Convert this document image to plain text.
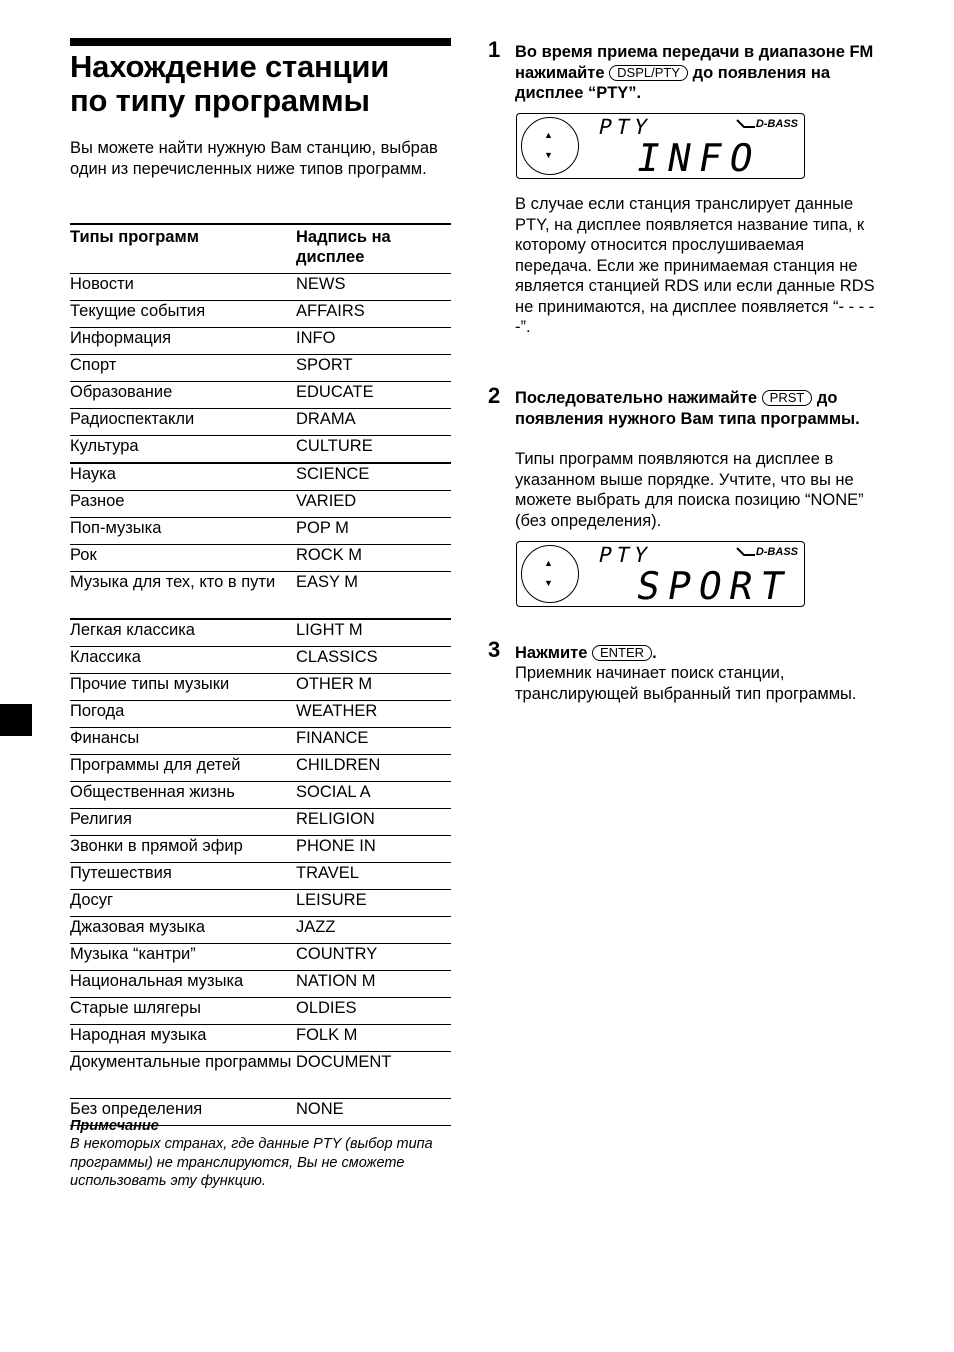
Нахождение станции
по типу программы
Вы можете найти нужную Вам станцию, выбрав один из перечисленных ниже типов программ.
Типы программ	Надпись на дисплее
Новости	NEWS
Текущие события	AFFAIRS
Информация	INFO
Спорт	SPORT
Образование	EDUCATE
Радиоспектакли	DRAMA
Культура	CULTURE
Наука	SCIENCE
Разное	VARIED
Поп-музыка	POP M
Рок	ROCK M
Музыка для тех, кто в пути	EASY M
Легкая классика	LIGHT M
Классика	CLASSICS
Прочие типы музыки	OTHER M
Погода	WEATHER
Финансы	FINANCE
Программы для детей	CHILDREN
Общественная жизнь	SOCIAL A
Религия	RELIGION
Звонки в прямой эфир	PHONE IN
Путешествия	TRAVEL
Досуг	LEISURE
Джазовая музыка	JAZZ
Музыка “кантри”	COUNTRY
Национальная музыка	NATION M
Старые шлягеры	OLDIES
Народная музыка	FOLK M
Документальные программы	DOCUMENT
Без определения	NONE
Примечание
В некоторых странах, где данные PTY (выбор типа программы) не транслируются, Вы не сможете использовать эту функцию.
1 Во время приема передачи в диапазоне FM нажимайте DSPL/PTY до появления на дисплее “PTY”.
▲
▼
PTY	D-BASS
INFO
В случае если станция транслирует данные PTY, на дисплее появляется название типа, к которому относится прослушиваемая передача. Если же принимаемая станция не является станцией RDS или если данные RDS не принимаются, на дисплее появляется “- - - - -”.
2 Последовательно нажимайте PRST до появления нужного Вам типа программы.
Типы программ появляются на дисплее в указанном выше порядке. Учтите, что вы не можете выбрать для поиска позицию “NONE” (без определения).
▲
▼
PTY	D-BASS
SPORT
3 Нажмите ENTER .
Приемник начинает поиск станции, транслирующей выбранный тип программы.
